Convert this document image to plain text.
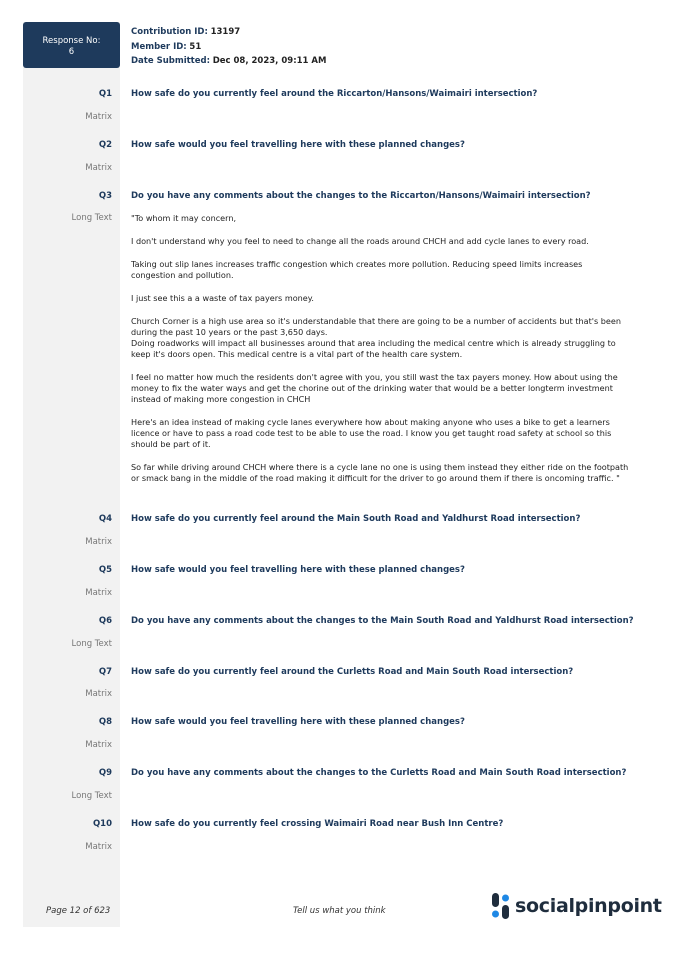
Response No:
6
Contribution ID: 13197
Member ID: 51
Date Submitted: Dec 08, 2023, 09:11 AM
Q1 How safe do you currently feel around the Riccarton/Hansons/Waimairi intersection?
Matrix
Q2 How safe would you feel travelling here with these planned changes?
Matrix
Q3 Do you have any comments about the changes to the Riccarton/Hansons/Waimairi intersection?
Long Text "To whom it may concern,

I don't understand why you feel to need to change all the roads around CHCH and add cycle lanes to every road.

Taking out slip lanes increases traffic congestion which creates more pollution. Reducing speed limits increases congestion and pollution.

I just see this a a waste of tax payers money.

Church Corner is a high use area so it's understandable that there are going to be a number of accidents but that's been during the past 10 years or the past 3,650 days.

Doing roadworks will impact all businesses around that area including the medical centre which is already struggling to keep it's doors open. This medical centre is a vital part of the health care system.

I feel no matter how much the residents don't agree with you, you still wast the tax payers money. How about using the money to fix the water ways and get the chorine out of the drinking water that would be a better longterm investment instead of making more congestion in CHCH

Here's an idea instead of making cycle lanes everywhere how about making anyone who uses a bike to get a learners licence or have to pass a road code test to be able to use the road. I know you get taught road safety at school so this should be part of it.

So far while driving around CHCH where there is a cycle lane no one is using them instead they either ride on the footpath or smack bang in the middle of the road making it difficult for the driver to go around them if there is oncoming traffic. "

Q4 How safe do you currently feel around the Main South Road and Yaldhurst Road intersection?
Matrix
Q5 How safe would you feel travelling here with these planned changes?
Matrix
Q6 Do you have any comments about the changes to the Main South Road and Yaldhurst Road intersection?
Long Text
Q7 How safe do you currently feel around the Curletts Road and Main South Road intersection?
Matrix
Q8 How safe would you feel travelling here with these planned changes?
Matrix
Q9 Do you have any comments about the changes to the Curletts Road and Main South Road intersection?
Long Text
Q10 How safe do you currently feel crossing Waimairi Road near Bush Inn Centre?
Matrix
Page 12 of 623	Tell us what you think	socialpinpoint
